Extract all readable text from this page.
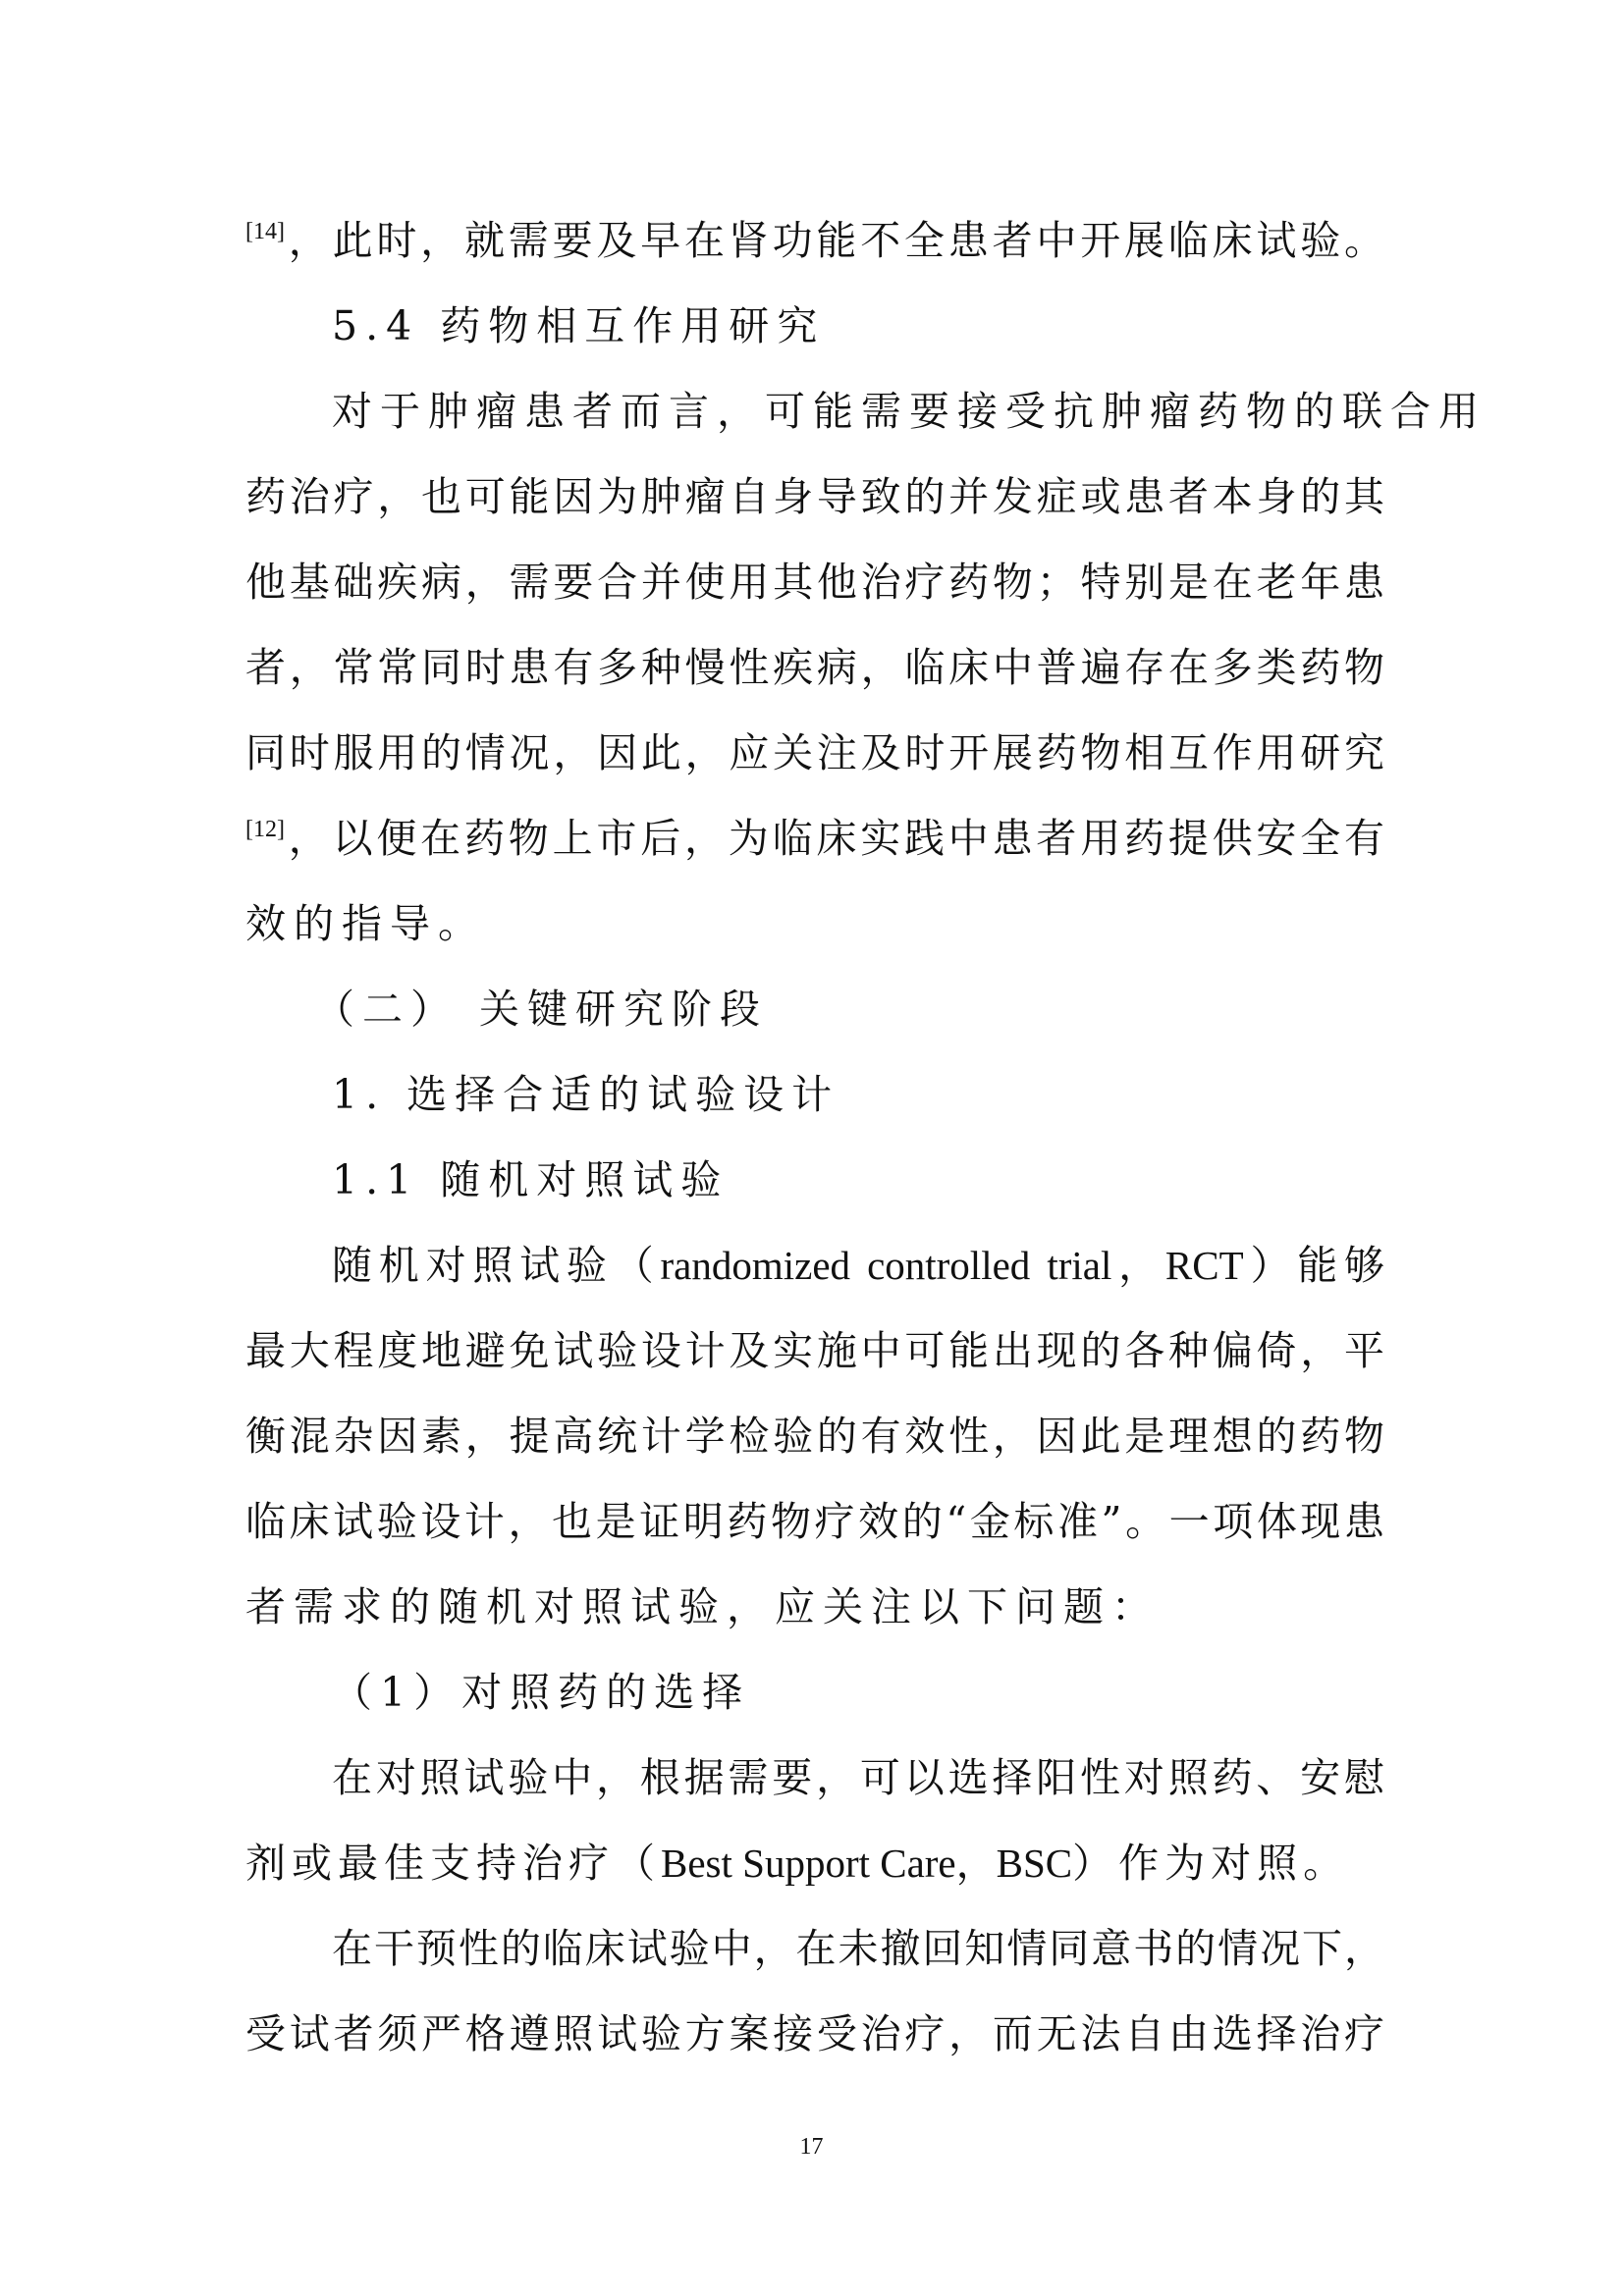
[14]，此时，就需要及早在肾功能不全患者中开展临床试验。
5.4 药物相互作用研究
对于肿瘤患者而言，可能需要接受抗肿瘤药物的联合用
药治疗，也可能因为肿瘤自身导致的并发症或患者本身的其
他基础疾病，需要合并使用其他治疗药物；特别是在老年患
者，常常同时患有多种慢性疾病，临床中普遍存在多类药物
同时服用的情况，因此，应关注及时开展药物相互作用研究
[12]，以便在药物上市后，为临床实践中患者用药提供安全有
效的指导。
（二） 关键研究阶段
1. 选择合适的试验设计
1.1 随机对照试验
随机对照试验（randomized controlled trial，RCT）能够
最大程度地避免试验设计及实施中可能出现的各种偏倚，平
衡混杂因素，提高统计学检验的有效性，因此是理想的药物
临床试验设计，也是证明药物疗效的“金标准”。一项体现患
者需求的随机对照试验，应关注以下问题：
（1）对照药的选择
在对照试验中，根据需要，可以选择阳性对照药、安慰
剂或最佳支持治疗（Best Support Care，BSC）作为对照。
在干预性的临床试验中，在未撤回知情同意书的情况下，
受试者须严格遵照试验方案接受治疗，而无法自由选择治疗
17
